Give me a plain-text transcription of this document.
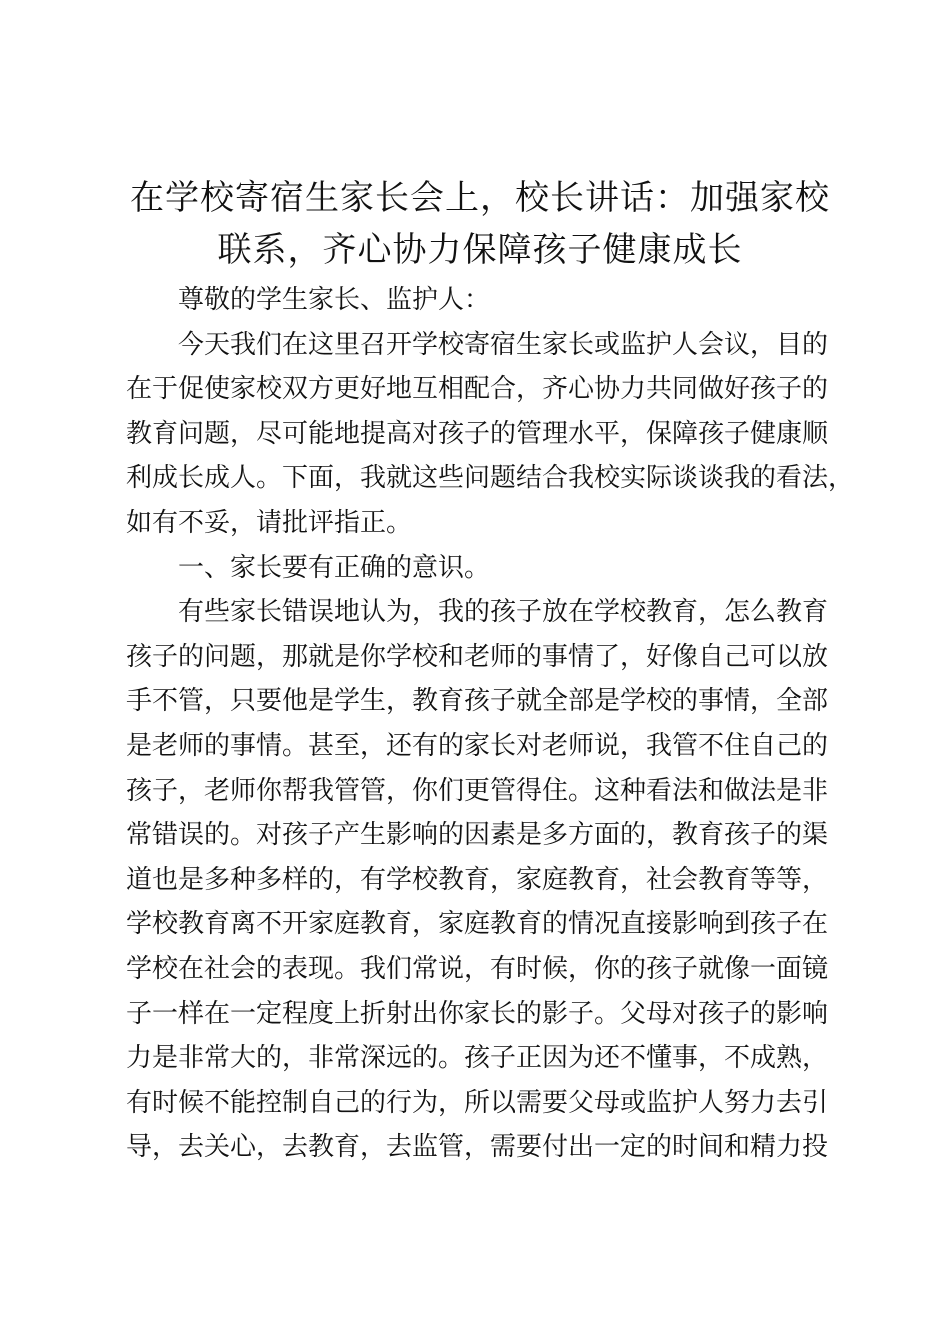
在学校寄宿生家长会上，校长讲话：加强家校
联系，齐心协力保障孩子健康成长

尊敬的学生家长、监护人：

今天我们在这里召开学校寄宿生家长或监护人会议，目的
在于促使家校双方更好地互相配合，齐心协力共同做好孩子的
教育问题，尽可能地提高对孩子的管理水平，保障孩子健康顺
利成长成人。下面，我就这些问题结合我校实际谈谈我的看法，
如有不妥，请批评指正。
一、家长要有正确的意识。
有些家长错误地认为，我的孩子放在学校教育，怎么教育
孩子的问题，那就是你学校和老师的事情了，好像自己可以放
手不管，只要他是学生，教育孩子就全部是学校的事情，全部
是老师的事情。甚至，还有的家长对老师说，我管不住自己的
孩子，老师你帮我管管，你们更管得住。这种看法和做法是非
常错误的。对孩子产生影响的因素是多方面的，教育孩子的渠
道也是多种多样的，有学校教育，家庭教育，社会教育等等，
学校教育离不开家庭教育，家庭教育的情况直接影响到孩子在
学校在社会的表现。我们常说，有时候，你的孩子就像一面镜
子一样在一定程度上折射出你家长的影子。父母对孩子的影响
力是非常大的，非常深远的。孩子正因为还不懂事，不成熟，
有时候不能控制自己的行为，所以需要父母或监护人努力去引
导，去关心，去教育，去监管，需要付出一定的时间和精力投
